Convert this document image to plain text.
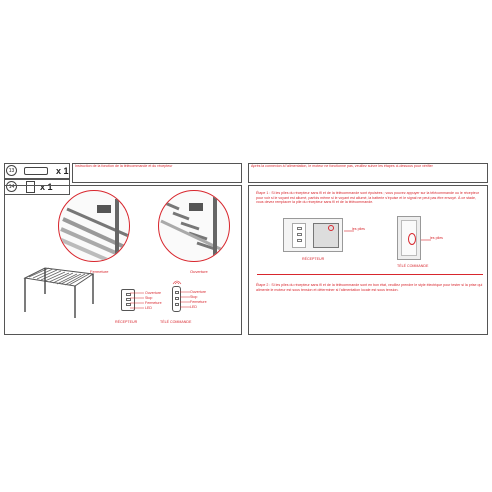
13	x 1
14	x 1
Instruction de la fonction de la télécommande et du récepteur
Fermeture	Ouverture
Ouverture
Stop
Fermeture
LED
RÉCEPTEUR
Ouverture
Stop
Fermeture
LED
TÉLÉ COMMANDE
Après la connexion à l'alimentation, le moteur ne fonctionne pas, veuillez suivre les étapes ci-dessous pour vérifier
Étape 1 : Si les piles du récepteur sans fil et de la télécommande sont épuisées ; vous pouvez appuyer sur la télécommande ou le récepteur pour voir si le voyant est allumé, parfois même si le voyant est allumé, la batterie s'épuise et le signal ne peut pas être envoyé. À ce stade, vous devez remplacer la pile du récepteur sans fil et de la télécommande.
les piles
RÉCEPTEUR
les piles
TÉLÉ COMMANDE
Étape 2 : Si les piles du récepteur sans fil et de la télécommande sont en bon état, veuillez prendre le style électrique pour tester si la prise qui alimente le moteur est sous tension et déterminer si l'alimentation locale est sous tension.
